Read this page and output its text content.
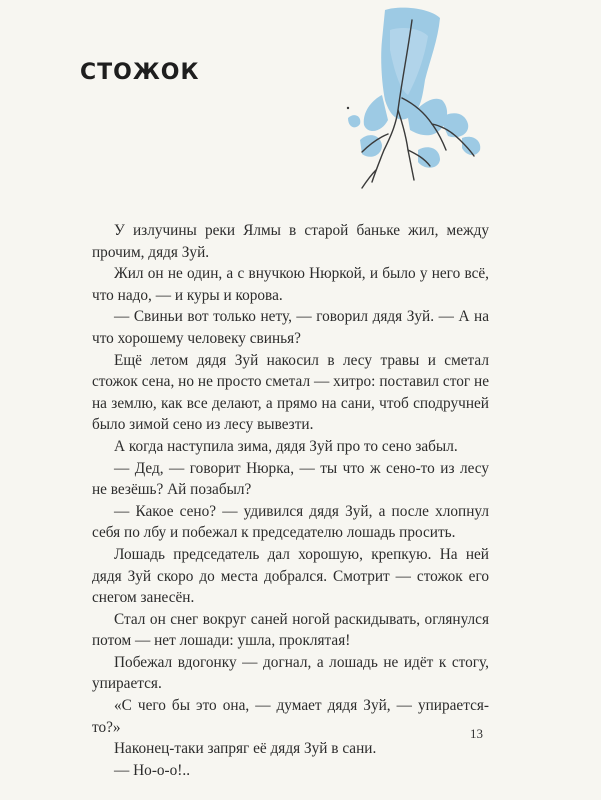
СТОЖОК

У излучины реки Ялмы в старой баньке жил, между прочим, дядя Зуй.

Жил он не один, а с внучкою Нюркой, и было у него всё, что надо, — и куры и корова.

— Свиньи вот только нету, — говорил дядя Зуй. — А на что хорошему человеку свинья?

Ещё летом дядя Зуй накосил в лесу травы и сметал стожок сена, но не просто сметал — хитро: поставил стог не на землю, как все делают, а прямо на сани, чтоб сподручней было зимой сено из лесу вывезти.

А когда наступила зима, дядя Зуй про то сено забыл.

— Дед, — говорит Нюрка, — ты что ж сено-то из лесу не везёшь? Ай позабыл?

— Какое сено? — удивился дядя Зуй, а после хлопнул себя по лбу и побежал к председателю лошадь просить.

Лошадь председатель дал хорошую, крепкую. На ней дядя Зуй скоро до места добрался. Смотрит — стожок его снегом занесён.

Стал он снег вокруг саней ногой раскидывать, оглянулся потом — нет лошади: ушла, проклятая!

Побежал вдогонку — догнал, а лошадь не идёт к стогу, упирается.

«С чего бы это она, — думает дядя Зуй, — упирается-то?»

Наконец-таки запряг её дядя Зуй в сани.

— Но-о-о!..

13
